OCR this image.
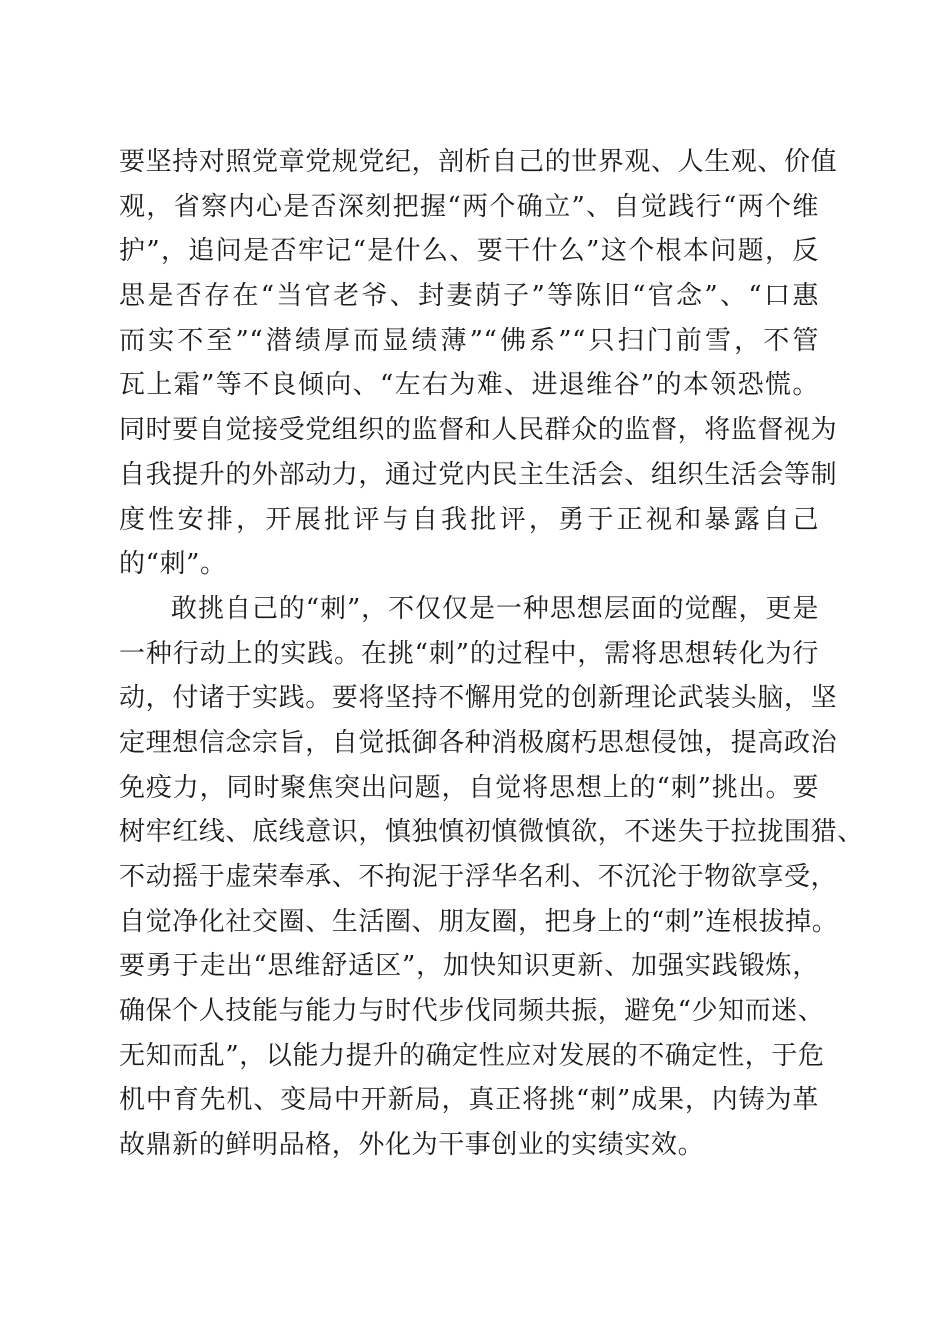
要坚持对照党章党规党纪，剖析自己的世界观、人生观、价值
观，省察内心是否深刻把握“两个确立”、自觉践行“两个维
护”，追问是否牢记“是什么、要干什么”这个根本问题，反
思是否存在“当官老爷、封妻荫子”等陈旧“官念”、“口惠
而实不至”“潜绩厚而显绩薄”“佛系”“只扫门前雪，不管
瓦上霜”等不良倾向、“左右为难、进退维谷”的本领恐慌。
同时要自觉接受党组织的监督和人民群众的监督，将监督视为
自我提升的外部动力，通过党内民主生活会、组织生活会等制
度性安排，开展批评与自我批评，勇于正视和暴露自己
的“刺”。
敢挑自己的“刺”，不仅仅是一种思想层面的觉醒，更是
一种行动上的实践。在挑“刺”的过程中，需将思想转化为行
动，付诸于实践。要将坚持不懈用党的创新理论武装头脑，坚
定理想信念宗旨，自觉抵御各种消极腐朽思想侵蚀，提高政治
免疫力，同时聚焦突出问题，自觉将思想上的“刺”挑出。要
树牢红线、底线意识，慎独慎初慎微慎欲，不迷失于拉拢围猎、
不动摇于虚荣奉承、不拘泥于浮华名利、不沉沦于物欲享受，
自觉净化社交圈、生活圈、朋友圈，把身上的“刺”连根拔掉。
要勇于走出“思维舒适区”，加快知识更新、加强实践锻炼，
确保个人技能与能力与时代步伐同频共振，避免“少知而迷、
无知而乱”，以能力提升的确定性应对发展的不确定性，于危
机中育先机、变局中开新局，真正将挑“刺”成果，内铸为革
故鼎新的鲜明品格，外化为干事创业的实绩实效。
